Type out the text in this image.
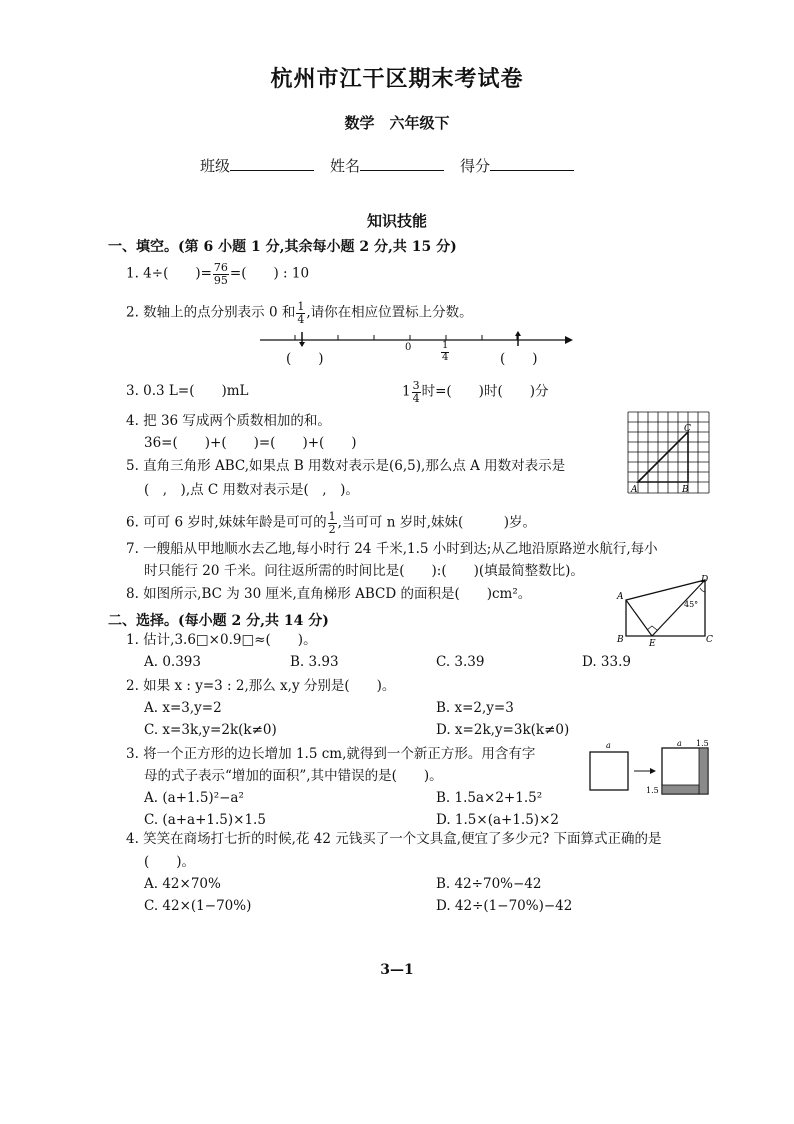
杭州市江干区期末考试卷
数学　六年级下
班级	姓名	得分
知识技能
一、填空。(第 6 小题 1 分,其余每小题 2 分,共 15 分)
1. 4÷(　　)= $\frac{76}{95}$ =(　　) : 10
2. 数轴上的点分别表示 0 和 $\frac{1}{4}$ ,请你在相应位置标上分数。
0	$\frac{1}{4}$
(　　)	(　　)
3. 0.3 L=(　　)mL	$1 \frac{3}{4}$ 时=(　　)时(　　)分
4. 把 36 写成两个质数相加的和。
36=(　　)+(　　)=(　　)+(　　)
5. 直角三角形 ABC,如果点 B 用数对表示是(6,5),那么点 A 用数对表示是
(　,　),点 C 用数对表示是(　,　)。	A	B
C
6. 可可 6 岁时,妹妹年龄是可可的 $\frac{1}{2}$ ,当可可 n 岁时,妹妹(　　　)岁。
7. 一艘船从甲地顺水去乙地,每小时行 24 千米,1.5 小时到达;从乙地沿原路逆水航行,每小
时只能行 20 千米。问往返所需的时间比是(　　):(　　)(填最简整数比)。
8. 如图所示,BC 为 30 厘米,直角梯形 ABCD 的面积是(　　)cm²。	A
B	C
D
E
45°
二、选择。(每小题 2 分,共 14 分)
1. 估计,3.6□×0.9□≈(　　)。
A. 0.393	B. 3.93	C. 3.39	D. 33.9
2. 如果 x : y=3 : 2,那么 x,y 分别是(　　)。
A. x=3,y=2	B. x=2,y=3
C. x=3k,y=2k(k≠0)	D. x=2k,y=3k(k≠0)
3. 将一个正方形的边长增加 1.5 cm,就得到一个新正方形。用含有字
母的式子表示“增加的面积”,其中错误的是(　　)。
A. (a+1.5)²−a²	B. 1.5a×2+1.5²
C. (a+a+1.5)×1.5	D. 1.5×(a+1.5)×2
a	a 1.5
1.5
4. 笑笑在商场打七折的时候,花 42 元钱买了一个文具盒,便宜了多少元? 下面算式正确的是
(　　)。
A. 42×70%	B. 42÷70%−42
C. 42×(1−70%)	D. 42÷(1−70%)−42
3—1
